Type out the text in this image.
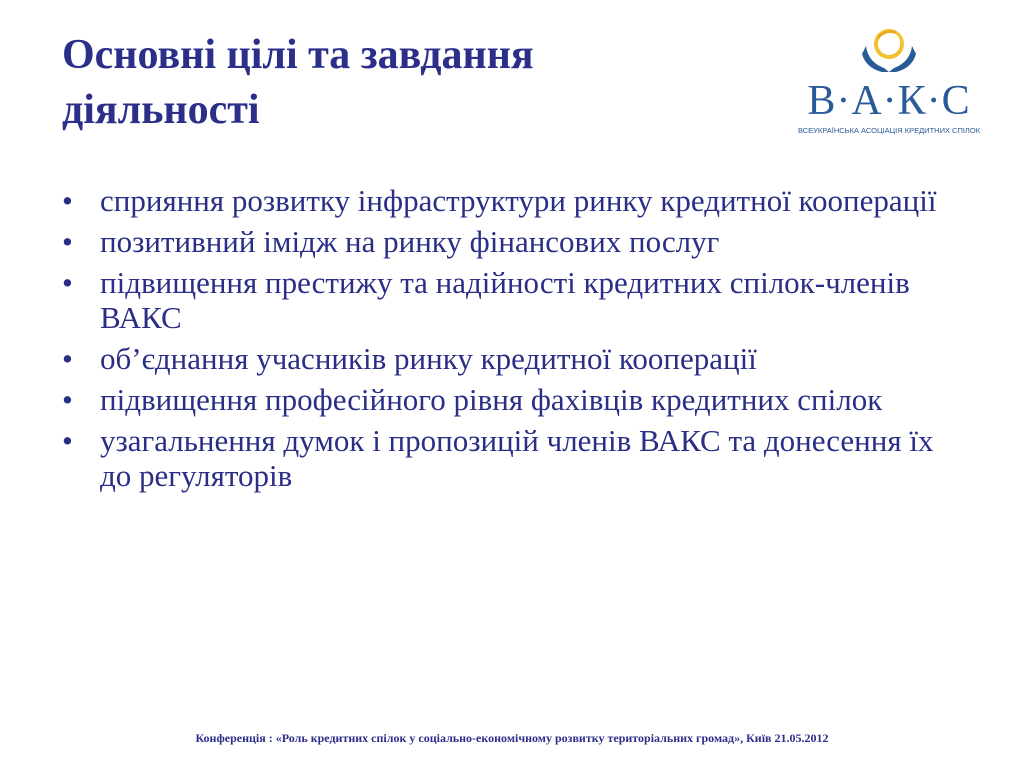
Основні цілі та завдання діяльності	В·А·К·С
ВСЕУКРАЇНСЬКА АСОЦІАЦІЯ КРЕДИТНИХ СПІЛОК
• сприяння розвитку інфраструктури ринку кредитної кооперації
• позитивний імідж на ринку фінансових послуг
• підвищення престижу та надійності кредитних спілок-членів ВАКС
• об’єднання учасників ринку кредитної кооперації
• підвищення професійного рівня фахівців кредитних спілок
• узагальнення думок і пропозицій членів ВАКС та донесення їх до регуляторів
Конференція : «Роль кредитних спілок у соціально-економічному розвитку територіальних громад», Київ 21.05.2012
